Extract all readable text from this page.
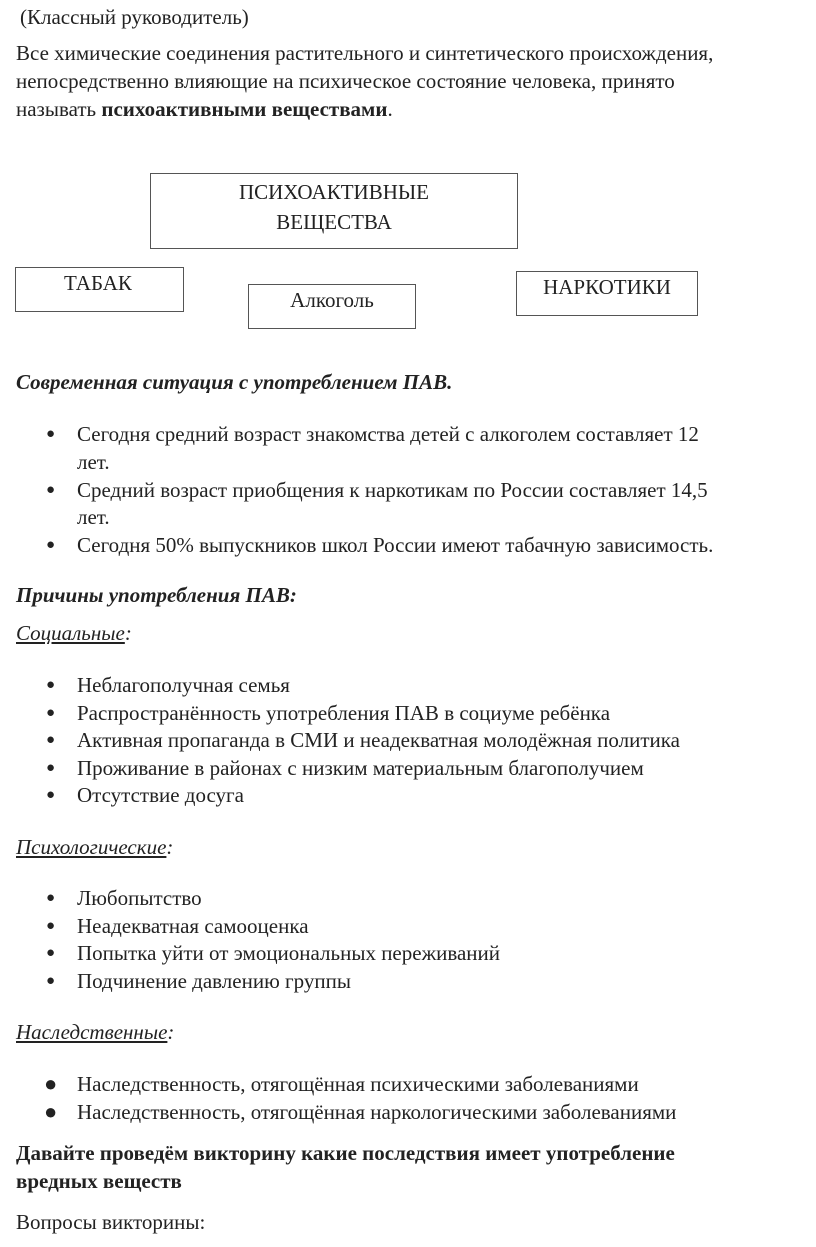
(Классный руководитель)
Все химические соединения растительного и синтетического происхождения,
непосредственно влияющие на психическое состояние человека, принято
называть психоактивными веществами.
ПСИХОАКТИВНЫЕ
ВЕЩЕСТВА
ТАБАК
Алкоголь
НАРКОТИКИ
Современная ситуация с употреблением ПАВ.
● Сегодня средний возраст знакомства детей с алкоголем составляет 12
лет.
● Средний возраст приобщения к наркотикам по России составляет 14,5
лет.
● Сегодня 50% выпускников школ России имеют табачную зависимость.
Причины употребления ПАВ:
Социальные:
● Неблагополучная семья
● Распространённость употребления ПАВ в социуме ребёнка
● Активная пропаганда в СМИ и неадекватная молодёжная политика
● Проживание в районах с низким материальным благополучием
● Отсутствие досуга
Психологические:
● Любопытство
● Неадекватная самооценка
● Попытка уйти от эмоциональных переживаний
● Подчинение давлению группы
Наследственные:
● Наследственность, отягощённая психическими заболеваниями
● Наследственность, отягощённая наркологическими заболеваниями
Давайте проведём викторину какие последствия имеет употребление
вредных веществ
Вопросы викторины:
